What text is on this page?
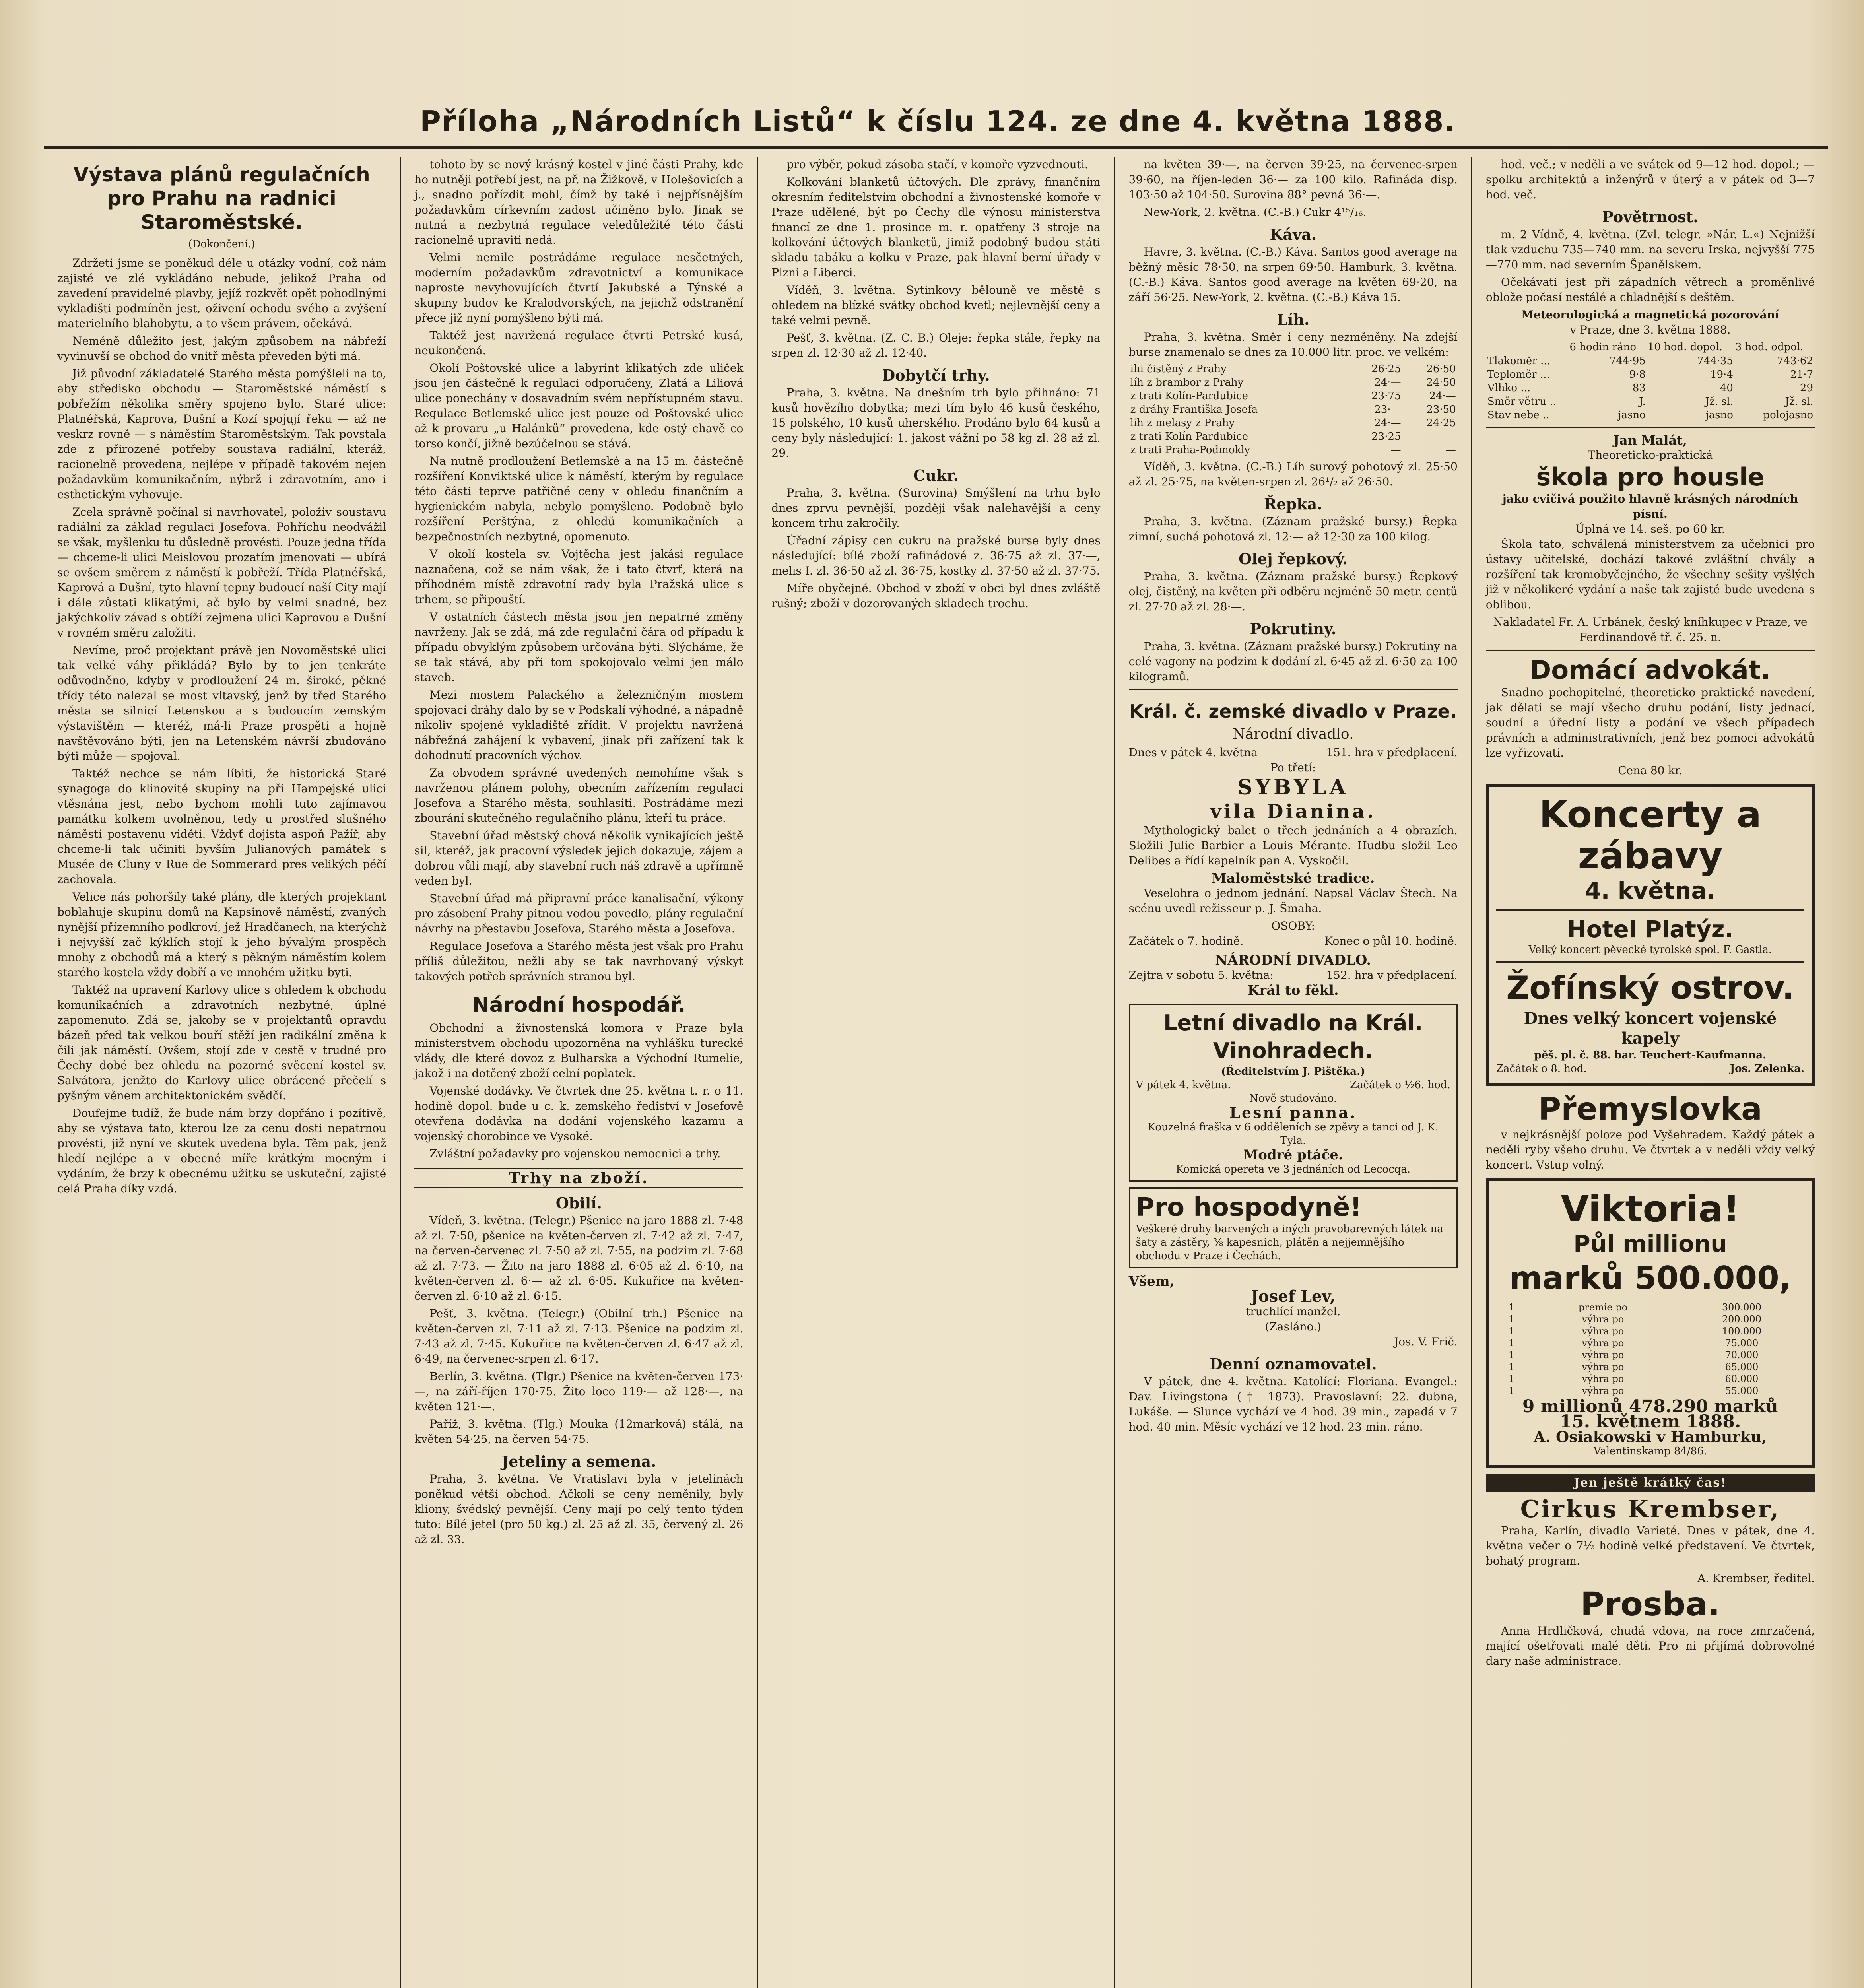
Příloha „Národních Listů“ k číslu 124. ze dne 4. května 1888.
Výstava plánů regulačních pro Prahu na radnici Staroměstské.
(Dokončení.)

Zdržeti jsme se poněkud déle u otázky vodní, což nám zajisté ve zlé vykládáno nebude, jelikož Praha od zavedení pravidelné plavby, jejíž rozkvět opět pohodlnými vykladišti podmíněn jest, oživení ochodu svého a zvýšení materielního blahobytu, a to všem právem, očekává.

Neméně důležito jest, jakým způsobem na nábřeží vyvinuvší se obchod do vnitř města převeden býti má.

Již původní základatelé Starého města pomýšleli na to, aby středisko obchodu — Staroměstské náměstí s pobřežím několika směry spojeno bylo. Staré ulice: Platnéřská, Kaprova, Dušní a Kozí spojují řeku — až ne veskrz rovně — s náměstím Staroměstským. Tak povstala zde z přirozené potřeby soustava radiální, kteráž, racionelně provedena, nejlépe v případě takovém nejen požadavkům komunikačním, nýbrž i zdravotním, ano i esthetickým vyhovuje.

Zcela správně počínal si navrhovatel, položiv soustavu radiální za základ regulaci Josefova. Pohříchu neodvážil se však, myšlenku tu důsledně provésti. Pouze jedna třída — chceme-li ulici Meislovou prozatím jmenovati — ubírá se ovšem směrem z náměstí k pobřeží. Třída Platnéřská, Kaprová a Dušní, tyto hlavní tepny budoucí naší City mají i dále zůstati klikatými, ač bylo by velmi snadné, bez jakýchkoliv závad s obtíží zejmena ulici Kaprovou a Dušní v rovném směru založiti.

Nevíme, proč projektant právě jen Novoměstské ulici tak velké váhy přikládá? Bylo by to jen tenkráte odůvodněno, kdyby v prodloužení 24 m. široké, pěkné třídy této nalezal se most vltavský, jenž by třed Starého města se silnicí Letenskou a s budoucím zemským výstavištěm — kteréž, má-li Praze prospěti a hojně navštěvováno býti, jen na Letenském návrší zbudováno býti může — spojoval.

Taktéž nechce se nám líbiti, že historická Staré synagoga do klinovité skupiny na při Hampejské ulici vtěsnána jest, nebo bychom mohli tuto zajímavou památku kolkem uvolněnou, tedy u prostřed slušného náměstí postavenu viděti. Vždyť dojista aspoň Pažíř, aby chceme-li tak učiniti byvším Julianových památek s Musée de Cluny v Rue de Sommerard pres velikých péčí zachovala.

Velice nás pohoršily také plány, dle kterých projektant boblahuje skupinu domů na Kapsinově náměstí, zvaných nynější přízemního podkroví, jež Hradčanech, na kterýchž i nejvyšší zač kýklích stojí k jeho bývalým prospěch mnohy z obchodů má a který s pěkným náměstím kolem starého kostela vždy dobří a ve mnohém užitku byti.

Taktéž na upravení Karlovy ulice s ohledem k obchodu komunikačních a zdravotních nezbytné, úplné zapomenuto. Zdá se, jakoby se v projektantů opravdu bázeň před tak velkou bouří stěží jen radikální změna k čili jak náměstí. Ovšem, stojí zde v cestě v trudné pro Čechy dobé bez ohledu na pozorné svěcení kostel sv. Salvátora, jenžto do Karlovy ulice obrácené přečelí s pyšným věnem architektonickém svědčí.

Doufejme tudíž, že bude nám brzy dopřáno i pozítivě, aby se výstava tato, kterou lze za cenu dosti nepatrnou provésti, již nyní ve skutek uvedena byla. Těm pak, jenž hledí nejlépe a v obecné míře krátkým mocným i vydáním, že brzy k obecnému užitku se uskuteční, zajisté celá Praha díky vzdá.

tohoto by se nový krásný kostel v jiné části Prahy, kde ho nutněji potřebí jest, na př. na Žižkově, v Holešovicích a j., snadno pořízdit mohl, čímž by také i nejpřísnějším požadavkům církevním zadost učiněno bylo. Jinak se nutná a nezbytná regulace veledůležité této části racionelně upraviti nedá.

Velmi nemile postrádáme regulace nesčetných, moderním požadavkům zdravotnictví a komunikace naproste nevyhovujících čtvrtí Jakubské a Týnské a skupiny budov ke Kralodvorských, na jejichž odstranění přece již nyní pomýšleno býti má.

Taktéž jest navržená regulace čtvrti Petrské kusá, neukončená.

Okolí Poštovské ulice a labyrint klikatých zde uliček jsou jen částečně k regulaci odporučeny, Zlatá a Liliová ulice ponechány v dosavadním svém nepřístupném stavu. Regulace Betlemské ulice jest pouze od Poštovské ulice až k provaru „u Halánků“ provedena, kde ostý chavě co torso končí, jižně bezúčelnou se stává.

Na nutně prodloužení Betlemské a na 15 m. částečně rozšíření Konviktské ulice k náměstí, kterým by regulace této části teprve patřičné ceny v ohledu finančním a hygienickém nabyla, nebylo pomyšleno. Podobně bylo rozšíření Perštýna, z ohledů komunikačních a bezpečnostních nezbytné, opomenuto.

V okolí kostela sv. Vojtěcha jest jakási regulace naznačena, což se nám však, že i tato čtvrť, která na příhodném místě zdravotní rady byla Pražská ulice s trhem, se připouští.

V ostatních částech města jsou jen nepatrné změny navrženy. Jak se zdá, má zde regulační čára od případu k případu obvyklým způsobem určována býti. Slýcháme, že se tak stává, aby při tom spokojovalo velmi jen málo staveb.

Mezi mostem Palackého a železničným mostem spojovací dráhy dalo by se v Podskalí výhodné, a nápadně nikoliv spojené vykladiště zřídit. V projektu navržená nábřežná zahájení k vybavení, jinak při zařízení tak k dohodnutí pracovních výchov.

Za obvodem správné uvedených nemohíme však s navrženou plánem polohy, obecním zařízením regulaci Josefova a Starého města, souhlasiti. Postrádáme mezi zbourání skutečného regulačního plánu, kteří tu práce.

Stavební úřad městský chová několik vynikajících ještě sil, kteréž, jak pracovní výsledek jejich dokazuje, zájem a dobrou vůli mají, aby stavební ruch náš zdravě a upřímně veden byl.

Stavební úřad má připravní práce kanalisační, výkony pro zásobení Prahy pitnou vodou povedlo, plány regulační návrhy na přestavbu Josefova, Starého města a Josefova.

Regulace Josefova a Starého města jest však pro Prahu příliš důležitou, nežli aby se tak navrhovaný výskyt takových potřeb správních stranou byl.

Národní hospodář.

Obchodní a živnostenská komora v Praze byla ministerstvem obchodu upozorněna na vyhlášku turecké vlády, dle které dovoz z Bulharska a Východní Rumelie, jakož i na dotčený zboží celní poplatek.

Vojenské dodávky. Ve čtvrtek dne 25. května t. r. o 11. hodině dopol. bude u c. k. zemského řediství v Josefově otevřena dodávka na dodání vojenského kazamu a vojenský chorobince ve Vysoké.

Zvláštní požadavky pro vojenskou nemocnici a trhy.

Trhy na zboží.
Obilí.

Vídeň, 3. května. (Telegr.) Pšenice na jaro 1888 zl. 7·48 až zl. 7·50, pšenice na květen-červen zl. 7·42 až zl. 7·47, na červen-červenec zl. 7·50 až zl. 7·55, na podzim zl. 7·68 až zl. 7·73. — Žito na jaro 1888 zl. 6·05 až zl. 6·10, na květen-červen zl. 6·— až zl. 6·05. Kukuřice na květen-červen zl. 6·10 až zl. 6·15.

Pešť, 3. května. (Telegr.) (Obilní trh.) Pšenice na květen-červen zl. 7·11 až zl. 7·13. Pšenice na podzim zl. 7·43 až zl. 7·45. Kukuřice na květen-červen zl. 6·47 až zl. 6·49, na červenec-srpen zl. 6·17.

Berlín, 3. května. (Tlgr.) Pšenice na květen-červen 173·—, na září-říjen 170·75. Žito loco 119·— až 128·—, na květen 121·—.

Paříž, 3. května. (Tlg.) Mouka (12marková) stálá, na květen 54·25, na červen 54·75.

Jeteliny a semena.

Praha, 3. května. Ve Vratislavi byla v jetelinách poněkud vétší obchod. Ačkoli se ceny neměnily, byly kliony, švédský pevnější. Ceny mají po celý tento týden tuto: Bílé jetel (pro 50 kg.) zl. 25 až zl. 35, červený zl. 26 až zl. 33.

pro výběr, pokud zásoba stačí, v komoře vyzvednouti.

Kolkování blanketů účtových. Dle zprávy, finančním okresním ředitelstvím obchodní a živnostenské komoře v Praze udělené, být po Čechy dle výnosu ministerstva financí ze dne 1. prosince m. r. opatřeny 3 stroje na kolkování účtových blanketů, jimiž podobný budou státi skladu tabáku a kolků v Praze, pak hlavní berní úřady v Plzni a Liberci.

Víděň, 3. května. Sytinkovy bělouně ve městě s ohledem na blízké svátky obchod kvetl; nejlevnější ceny a také velmi pevně.

Pešť, 3. května. (Z. C. B.) Oleje: řepka stále, řepky na srpen zl. 12·30 až zl. 12·40.

Dobytčí trhy.

Praha, 3. května. Na dnešním trh bylo přihnáno: 71 kusů hovězího dobytka; mezi tím bylo 46 kusů českého, 15 polského, 10 kusů uherského. Prodáno bylo 64 kusů a ceny byly následující: 1. jakost vážní po 58 kg zl. 28 až zl. 29.

Cukr.

Praha, 3. května. (Surovina) Smýšlení na trhu bylo dnes zprvu pevnější, později však nalehavější a ceny koncem trhu zakročily.

Úřadní zápisy cen cukru na pražské burse byly dnes následující: bílé zboží rafinádové z. 36·75 až zl. 37·—, melis I. zl. 36·50 až zl. 36·75, kostky zl. 37·50 až zl. 37·75.

Míře obyčejné. Obchod v zboží v obci byl dnes zvláště rušný; zboží v dozorovaných skladech trochu.

na květen 39·—, na červen 39·25, na červenec-srpen 39·60, na říjen-leden 36·— za 100 kilo. Rafináda disp. 103·50 až 104·50. Surovina 88° pevná 36·—.

New-York, 2. května. (C.-B.) Cukr 4¹⁵/₁₆.

Káva.

Havre, 3. května. (C.-B.) Káva. Santos good average na běžný měsíc 78·50, na srpen 69·50. Hamburk, 3. května. (C.-B.) Káva. Santos good average na květen 69·20, na září 56·25. New-York, 2. května. (C.-B.) Káva 15.

Líh.

Praha, 3. května. Směr i ceny nezměněny. Na zdejší burse znamenalo se dnes za 10.000 litr. proc. ve velkém:

ihi čistěný z Prahy	26·25	26·50
líh z brambor z Prahy	24·—	24·50
z trati Kolín-Pardubice	23·75	24·—
z dráhy Františka Josefa	23·—	23·50
líh z melasy z Prahy	24·—	24·25
z trati Kolín-Pardubice	23·25	—
z trati Praha-Podmokly	—	—

Víděň, 3. května. (C.-B.) Líh surový pohotový zl. 25·50 až zl. 25·75, na květen-srpen zl. 26¹/₂ až 26·50.

Řepka.

Praha, 3. května. (Záznam pražské bursy.) Řepka zimní, suchá pohotová zl. 12·— až 12·30 za 100 kilog.

Olej řepkový.

Praha, 3. května. (Záznam pražské bursy.) Řepkový olej, čistěný, na květen při odběru nejméně 50 metr. centů zl. 27·70 až zl. 28·—.

Pokrutiny.

Praha, 3. května. (Záznam pražské bursy.) Pokrutiny na celé vagony na podzim k dodání zl. 6·45 až zl. 6·50 za 100 kilogramů.

Král. č. zemské divadlo v Praze.
Národní divadlo.
Dnes v pátek 4. května	151. hra v předplacení.
Po třetí:
SYBYLA
vila Dianina.

Mythologický balet o třech jednáních a 4 obrazích. Složili Julie Barbier a Louis Mérante. Hudbu složil Leo Delibes a řídí kapelník pan A. Vyskočil.

Maloměstské tradice.

Veselohra o jednom jednání. Napsal Václav Štech. Na scénu uvedl režisseur p. J. Šmaha.

OSOBY:
Začátek o 7. hodině.	Konec o půl 10. hodině.
NÁRODNÍ DIVADLO.
Zejtra v sobotu 5. května:	152. hra v předplacení.
Král to fěkl.
Letní divadlo na Král. Vinohradech.
(Ředitelstvím J. Pištěka.)
V pátek 4. května.	Začátek o ½6. hod.
Nově studováno.
Lesní panna.
Kouzelná fraška v 6 odděleních se zpěvy a tanci od J. K. Tyla.
Modré ptáče.
Komická opereta ve 3 jednáních od Lecocqa.
Pro hospodyně!
Veškeré druhy barvených a iných pravobarevných látek na šaty a zástěry, ⅜ kapesnich, plátěn a nejjemnějšího obchodu v Praze i Čechách.
Všem,
Josef Lev,
truchlící manžel.
(Zasláno.)
Jos. V. Frič.
Denní oznamovatel.

V pátek, dne 4. května. Katolící: Floriana. Evangel.: Dav. Livingstona († 1873). Pravoslavní: 22. dubna, Lukáše. — Slunce vychází ve 4 hod. 39 min., zapadá v 7 hod. 40 min. Měsíc vychází ve 12 hod. 23 min. ráno.

hod. več.; v neděli a ve svátek od 9—12 hod. dopol.; — spolku architektů a inženýrů v úterý a v pátek od 3—7 hod. več.

Povětrnost.

m. 2 Vídně, 4. května. (Zvl. telegr. »Nár. L.«) Nejnižší tlak vzduchu 735—740 mm. na severu Irska, nejvyšší 775—770 mm. nad severním Španělskem.

Očekávati jest při západních větrech a proměnlivé oblože počasí nestálé a chladnější s deštěm.

Meteorologická a magnetická pozorování
v Praze, dne 3. května 1888.
	6 hodin ráno	10 hod. dopol.	3 hod. odpol.
Tlakoměr ...	744·95	744·35	743·62
Teploměr ...	9·8	19·4	21·7
Vlhko ...	83	40	29
Směr větru ..	J.	Jž. sl.	Jž. sl.
Stav nebe ..	jasno	jasno	polojasno
Jan Malát,
Theoreticko-praktická
škola pro housle
jako cvičivá použito hlavně krásných národních písní.
Úplná ve 14. seš. po 60 kr.

Škola tato, schválená ministerstvem za učebnici pro ústavy učitelské, dochází takové zvláštní chvály a rozšíření tak kromobyčejného, že všechny sešity vyšlých již v několikeré vydání a naše tak zajisté bude uvedena s oblibou.

Nakladatel Fr. A. Urbánek, český kníhkupec v Praze, ve Ferdinandově tř. č. 25. n.
Domácí advokát.

Snadno pochopitelné, theoreticko praktické navedení, jak dělati se mají všecho druhu podání, listy jednací, soudní a úřední listy a podání ve všech případech právních a administrativních, jenž bez pomoci advokátů lze vyřizovati.

Cena 80 kr.
Koncerty a zábavy
4. května.
Hotel Platýz.
Velký koncert pěvecké tyrolské spol. F. Gastla.
Žofínský ostrov.
Dnes velký koncert vojenské kapely
pěš. pl. č. 88. bar. Teuchert-Kaufmanna.
Začátek o 8. hod.	Jos. Zelenka.
Přemyslovka

v nejkrásnější poloze pod Vyšehradem. Každý pátek a neděli ryby všeho druhu. Ve čtvrtek a v neděli vždy velký koncert. Vstup volný.

Viktoria!
Půl millionu
marků 500.000,
1	premie po	300.000
1	výhra po	200.000
1	výhra po	100.000
1	výhra po	75.000
1	výhra po	70.000
1	výhra po	65.000
1	výhra po	60.000
1	výhra po	55.000
9 millionů 478.290 marků
15. květnem 1888.
A. Osiakowski v Hamburku,
Valentinskamp 84/86.
Jen ještě krátký čas!
Cirkus Krembser,

Praha, Karlín, divadlo Varieté. Dnes v pátek, dne 4. května večer o 7½ hodině velké představení. Ve čtvrtek, bohatý program.

A. Krembser, ředitel.
Prosba.

Anna Hrdličková, chudá vdova, na roce zmrzačená, mající ošetřovati malé děti. Pro ni přijímá dobrovolné dary naše administrace.
